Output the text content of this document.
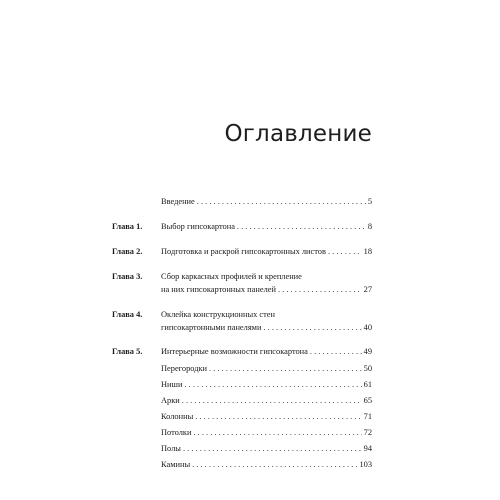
Оглавление
Введение . . .	5
Глава 1.	Выбор гипсокартона . . .	8
Глава 2.	Подготовка и раскрой гипсокартонных листов . . .	18
Глава 3.	Сбор каркасных профилей и крепление
на них гипсокартонных панелей . . .	27
Глава 4.	Оклейка конструкционных стен
гипсокартонными панелями . . .	40
Глава 5.	Интерьерные возможности гипсокартона . . .	49
Перегородки . . .	50
Ниши . . .	61
Арки . . .	65
Колонны . . .	71
Потолки . . .	72
Полы . . .	94
Камины . . .	103
